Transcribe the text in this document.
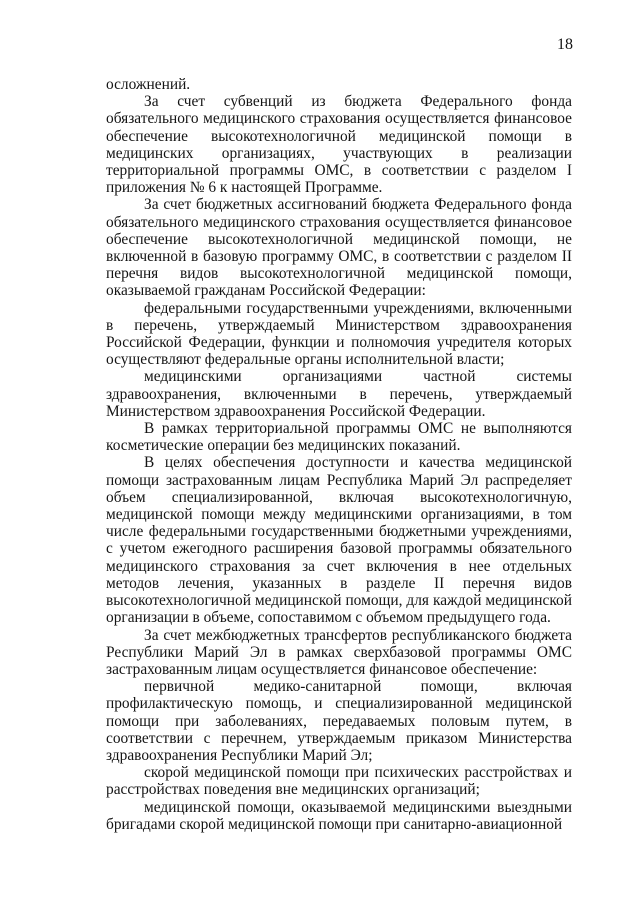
18

осложнений.

За счет субвенций из бюджета Федерального фонда обязательного медицинского страхования осуществляется финансовое обеспечение высокотехнологичной медицинской помощи в медицинских организациях, участвующих в реализации территориальной программы ОМС, в соответствии с разделом I приложения № 6 к настоящей Программе.

За счет бюджетных ассигнований бюджета Федерального фонда обязательного медицинского страхования осуществляется финансовое обеспечение высокотехнологичной медицинской помощи, не включенной в базовую программу ОМС, в соответствии с разделом II перечня видов высокотехнологичной медицинской помощи, оказываемой гражданам Российской Федерации:

федеральными государственными учреждениями, включенными в перечень, утверждаемый Министерством здравоохранения Российской Федерации, функции и полномочия учредителя которых осуществляют федеральные органы исполнительной власти;

медицинскими организациями частной системы здравоохранения, включенными в перечень, утверждаемый Министерством здравоохранения Российской Федерации.

В рамках территориальной программы ОМС не выполняются косметические операции без медицинских показаний.

В целях обеспечения доступности и качества медицинской помощи застрахованным лицам Республика Марий Эл распределяет объем специализированной, включая высокотехнологичную, медицинской помощи между медицинскими организациями, в том числе федеральными государственными бюджетными учреждениями, с учетом ежегодного расширения базовой программы обязательного медицинского страхования за счет включения в нее отдельных методов лечения, указанных в разделе II перечня видов высокотехнологичной медицинской помощи, для каждой медицинской организации в объеме, сопоставимом с объемом предыдущего года.

За счет межбюджетных трансфертов республиканского бюджета Республики Марий Эл в рамках сверхбазовой программы ОМС застрахованным лицам осуществляется финансовое обеспечение:

первичной медико-санитарной помощи, включая профилактическую помощь, и специализированной медицинской помощи при заболеваниях, передаваемых половым путем, в соответствии с перечнем, утверждаемым приказом Министерства здравоохранения Республики Марий Эл;

скорой медицинской помощи при психических расстройствах и расстройствах поведения вне медицинских организаций;

медицинской помощи, оказываемой медицинскими выездными бригадами скорой медицинской помощи при санитарно-авиационной
